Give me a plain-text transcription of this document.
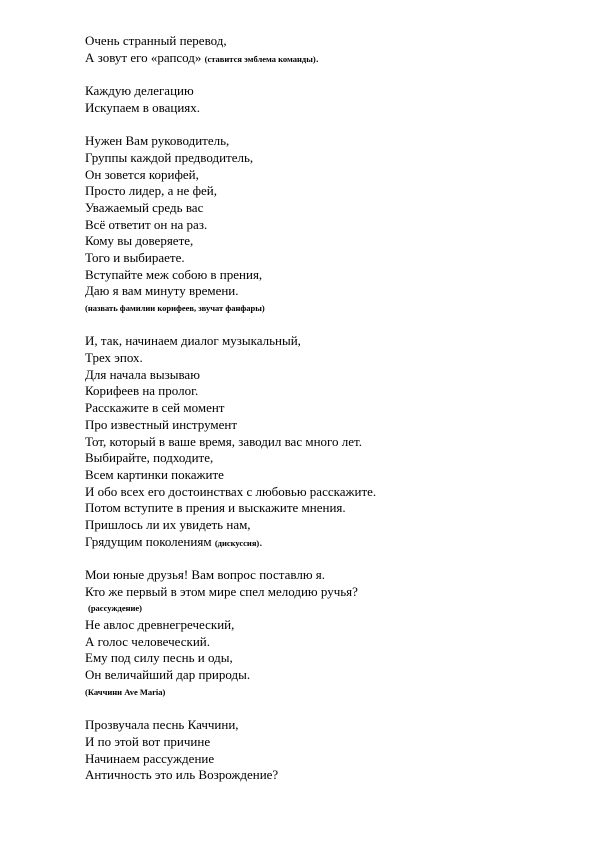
Очень странный перевод,
А зовут его «рапсод» (ставится эмблема команды).
Каждую делегацию
Искупаем в овациях.
Нужен Вам руководитель,
Группы каждой предводитель,
Он зовется корифей,
Просто лидер, а не фей,
Уважаемый средь вас
Всё ответит он на раз.
Кому вы доверяете,
Того и выбираете.
Вступайте меж собою в прения,
Даю я вам минуту времени.
(назвать фамилии корифеев, звучат фанфары)
И, так, начинаем диалог музыкальный,
Трех эпох.
Для начала вызываю
Корифеев на пролог.
Расскажите в сей момент
Про известный инструмент
Тот, который в ваше время, заводил вас много лет.
Выбирайте, подходите,
Всем картинки покажите
И обо всех его достоинствах с любовью расскажите.
Потом вступите в прения и выскажите мнения.
Пришлось ли их увидеть нам,
Грядущим поколениям (дискуссия).
Мои юные друзья! Вам вопрос поставлю я.
Кто же первый в этом мире спел мелодию ручья?
(рассуждение)
Не авлос древнегреческий,
А голос человеческий.
Ему под силу песнь и оды,
Он величайший дар природы.
(Каччини Ave Maria)
Прозвучала песнь Каччини,
И по этой вот причине
Начинаем рассуждение
Античность это иль Возрождение?
